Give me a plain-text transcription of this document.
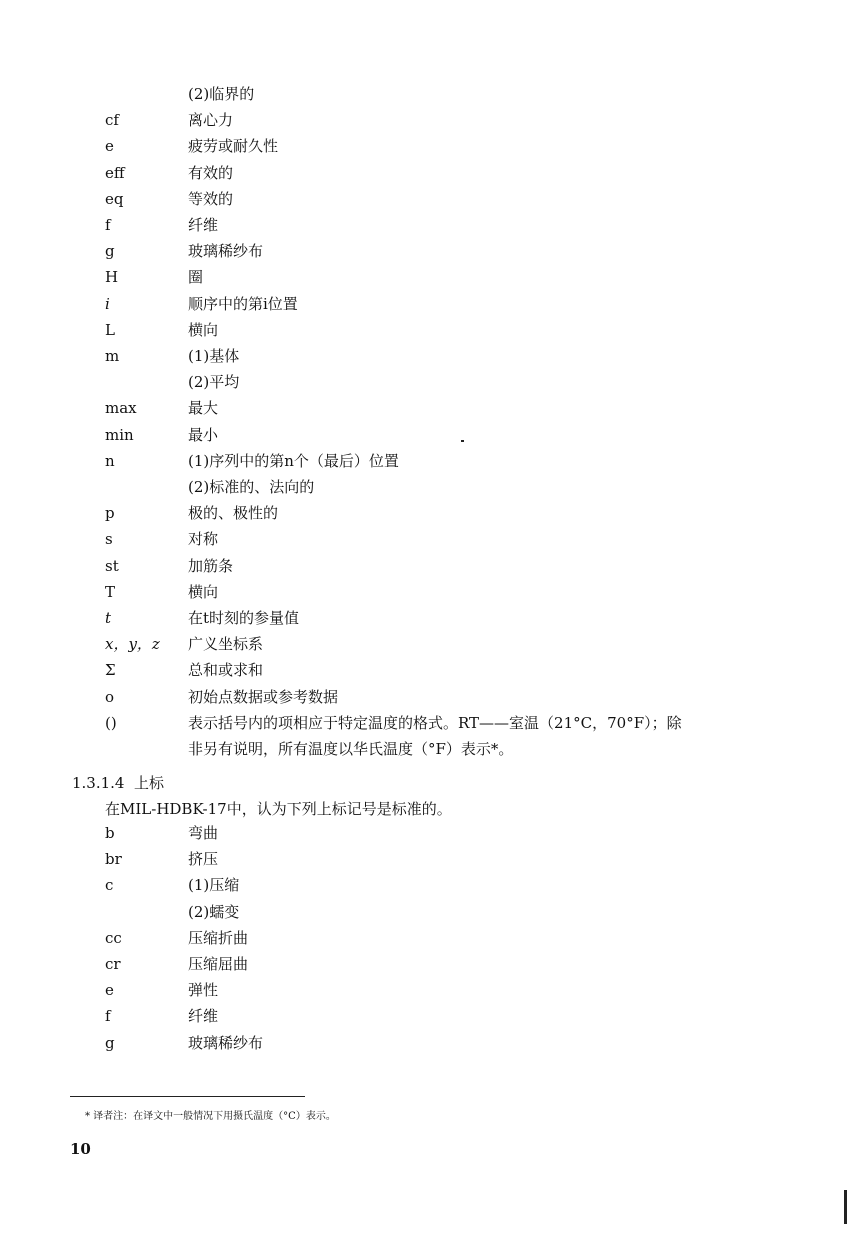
(2)临界的
cf	离心力
e	疲劳或耐久性
eff	有效的
eq	等效的
f	纤维
g	玻璃稀纱布
H	圈
i	顺序中的第i位置
L	横向
m	(1)基体
(2)平均
max	最大
min	最小
n	(1)序列中的第n个（最后）位置
(2)标准的、法向的
p	极的、极性的
s	对称
st	加筋条
T	横向
t	在t时刻的参量值
x，y，z 广义坐标系
Σ	总和或求和
o	初始点数据或参考数据
()	表示括号内的项相应于特定温度的格式。RT——室温（21°C，70°F）；除
非另有说明，所有温度以华氏温度（°F）表示*。
1.3.1.4 上标
在MIL-HDBK-17中，认为下列上标记号是标准的。
b	弯曲
br	挤压
c	(1)压缩
(2)蠕变
cc	压缩折曲
cr	压缩屈曲
e	弹性
f	纤维
g	玻璃稀纱布
* 译者注：在译文中一般情况下用摄氏温度（°C）表示。
10
